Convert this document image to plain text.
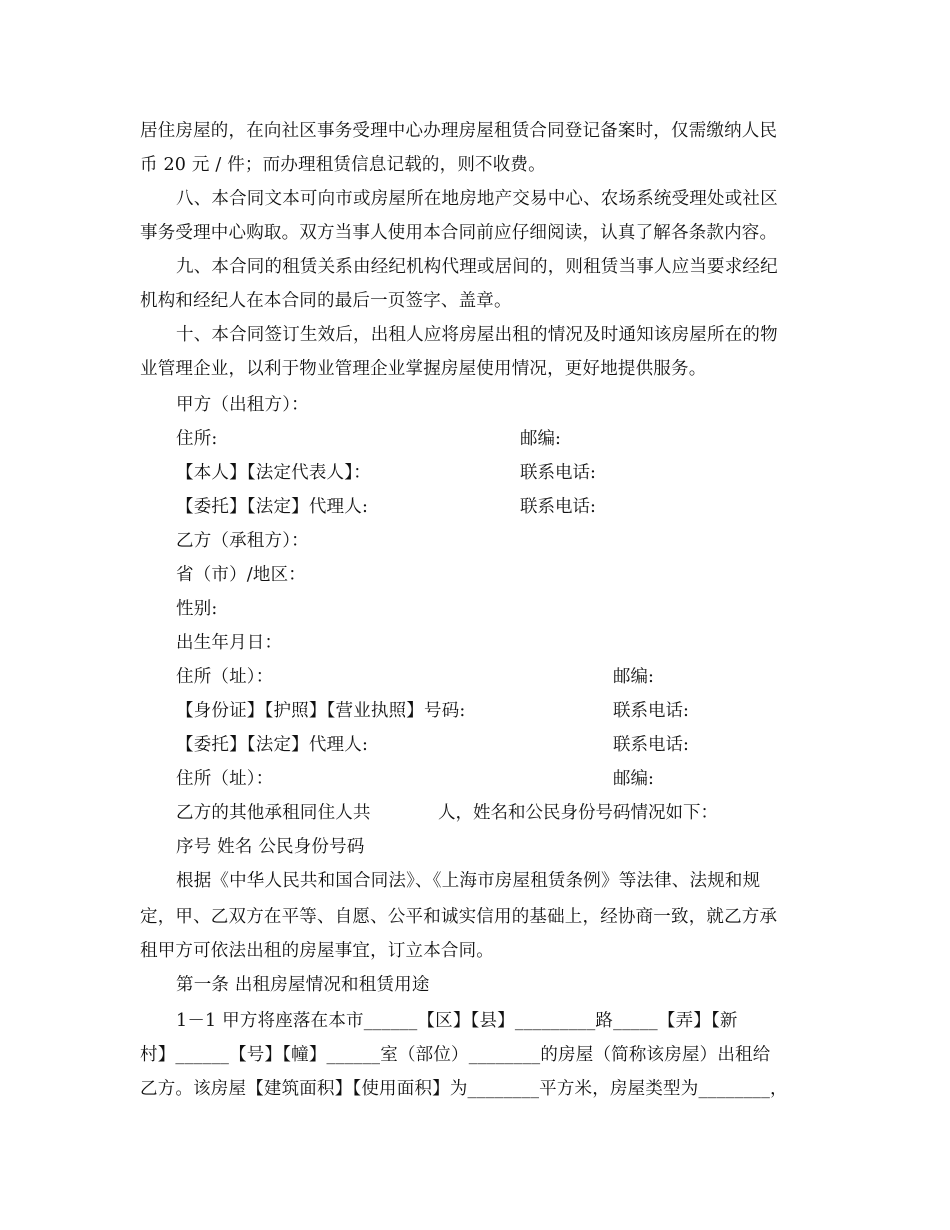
居住房屋的，在向社区事务受理中心办理房屋租赁合同登记备案时，仅需缴纳人民
币 20 元 / 件；而办理租赁信息记载的，则不收费。
八、本合同文本可向市或房屋所在地房地产交易中心、农场系统受理处或社区
事务受理中心购取。双方当事人使用本合同前应仔细阅读，认真了解各条款内容。
九、本合同的租赁关系由经纪机构代理或居间的，则租赁当事人应当要求经纪
机构和经纪人在本合同的最后一页签字、盖章。
十、本合同签订生效后，出租人应将房屋出租的情况及时通知该房屋所在的物
业管理企业，以利于物业管理企业掌握房屋使用情况，更好地提供服务。
甲方（出租方）：
住所:	邮编:
【本人】【法定代表人】：	联系电话:
【委托】【法定】代理人:	联系电话:
乙方（承租方）：
省（市）/地区：
性别:
出生年月日：
住所（址）：	邮编:
【身份证】【护照】【营业执照】号码:	联系电话:
【委托】【法定】代理人:	联系电话:
住所（址）：	邮编:
乙方的其他承租同住人共	人，姓名和公民身份号码情况如下：
序号 姓名 公民身份号码
根据《中华人民共和国合同法》、《上海市房屋租赁条例》等法律、法规和规
定，甲、乙双方在平等、自愿、公平和诚实信用的基础上，经协商一致，就乙方承
租甲方可依法出租的房屋事宜，订立本合同。
第一条 出租房屋情况和租赁用途
1－1 甲方将座落在本市______【区】【县】_________路_____【弄】【新
村】______【号】【幢】______室（部位）________的房屋（简称该房屋）出租给
乙方。该房屋【建筑面积】【使用面积】为________平方米，房屋类型为________，
